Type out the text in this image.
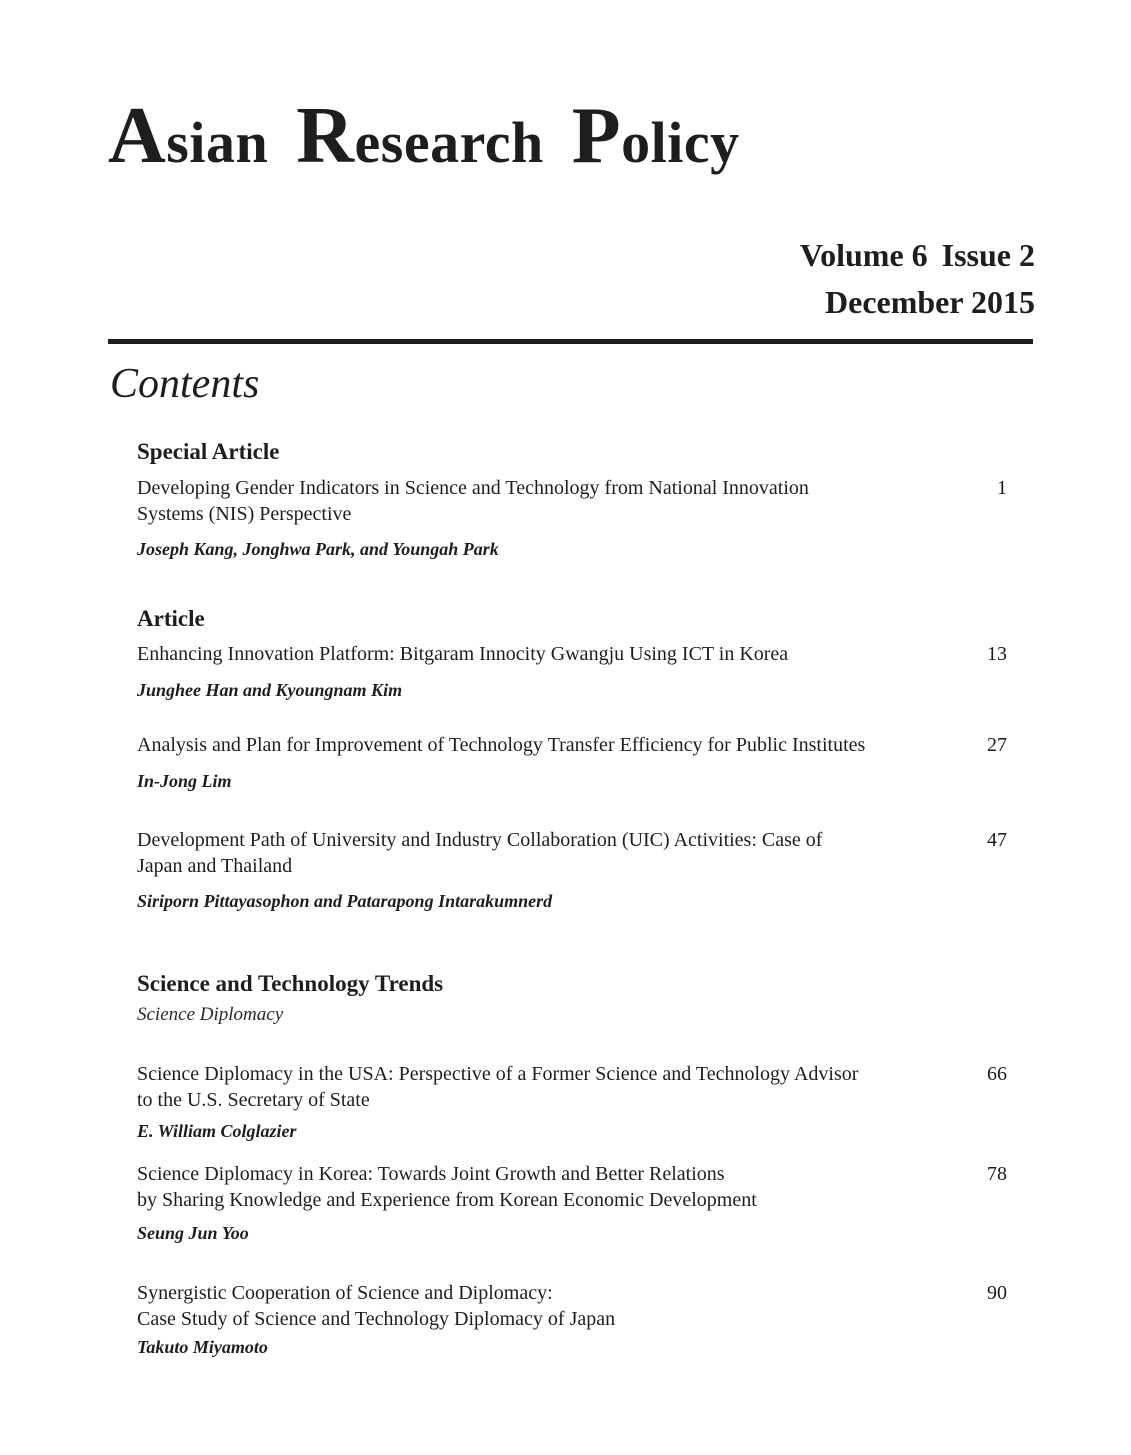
Asian Research Policy
Volume 6 Issue 2
December 2015
Contents
Special Article
Developing Gender Indicators in Science and Technology from National Innovation
Systems (NIS) Perspective
1
Joseph Kang, Jonghwa Park, and Youngah Park
Article
Enhancing Innovation Platform: Bitgaram Innocity Gwangju Using ICT in Korea	13
Junghee Han and Kyoungnam Kim
Analysis and Plan for Improvement of Technology Transfer Efficiency for Public Institutes	27
In-Jong Lim
Development Path of University and Industry Collaboration (UIC) Activities: Case of
Japan and Thailand
47
Siriporn Pittayasophon and Patarapong Intarakumnerd
Science and Technology Trends
Science Diplomacy
Science Diplomacy in the USA: Perspective of a Former Science and Technology Advisor
to the U.S. Secretary of State
66
E. William Colglazier
Science Diplomacy in Korea: Towards Joint Growth and Better Relations
by Sharing Knowledge and Experience from Korean Economic Development
78
Seung Jun Yoo
Synergistic Cooperation of Science and Diplomacy:
Case Study of Science and Technology Diplomacy of Japan
90
Takuto Miyamoto
